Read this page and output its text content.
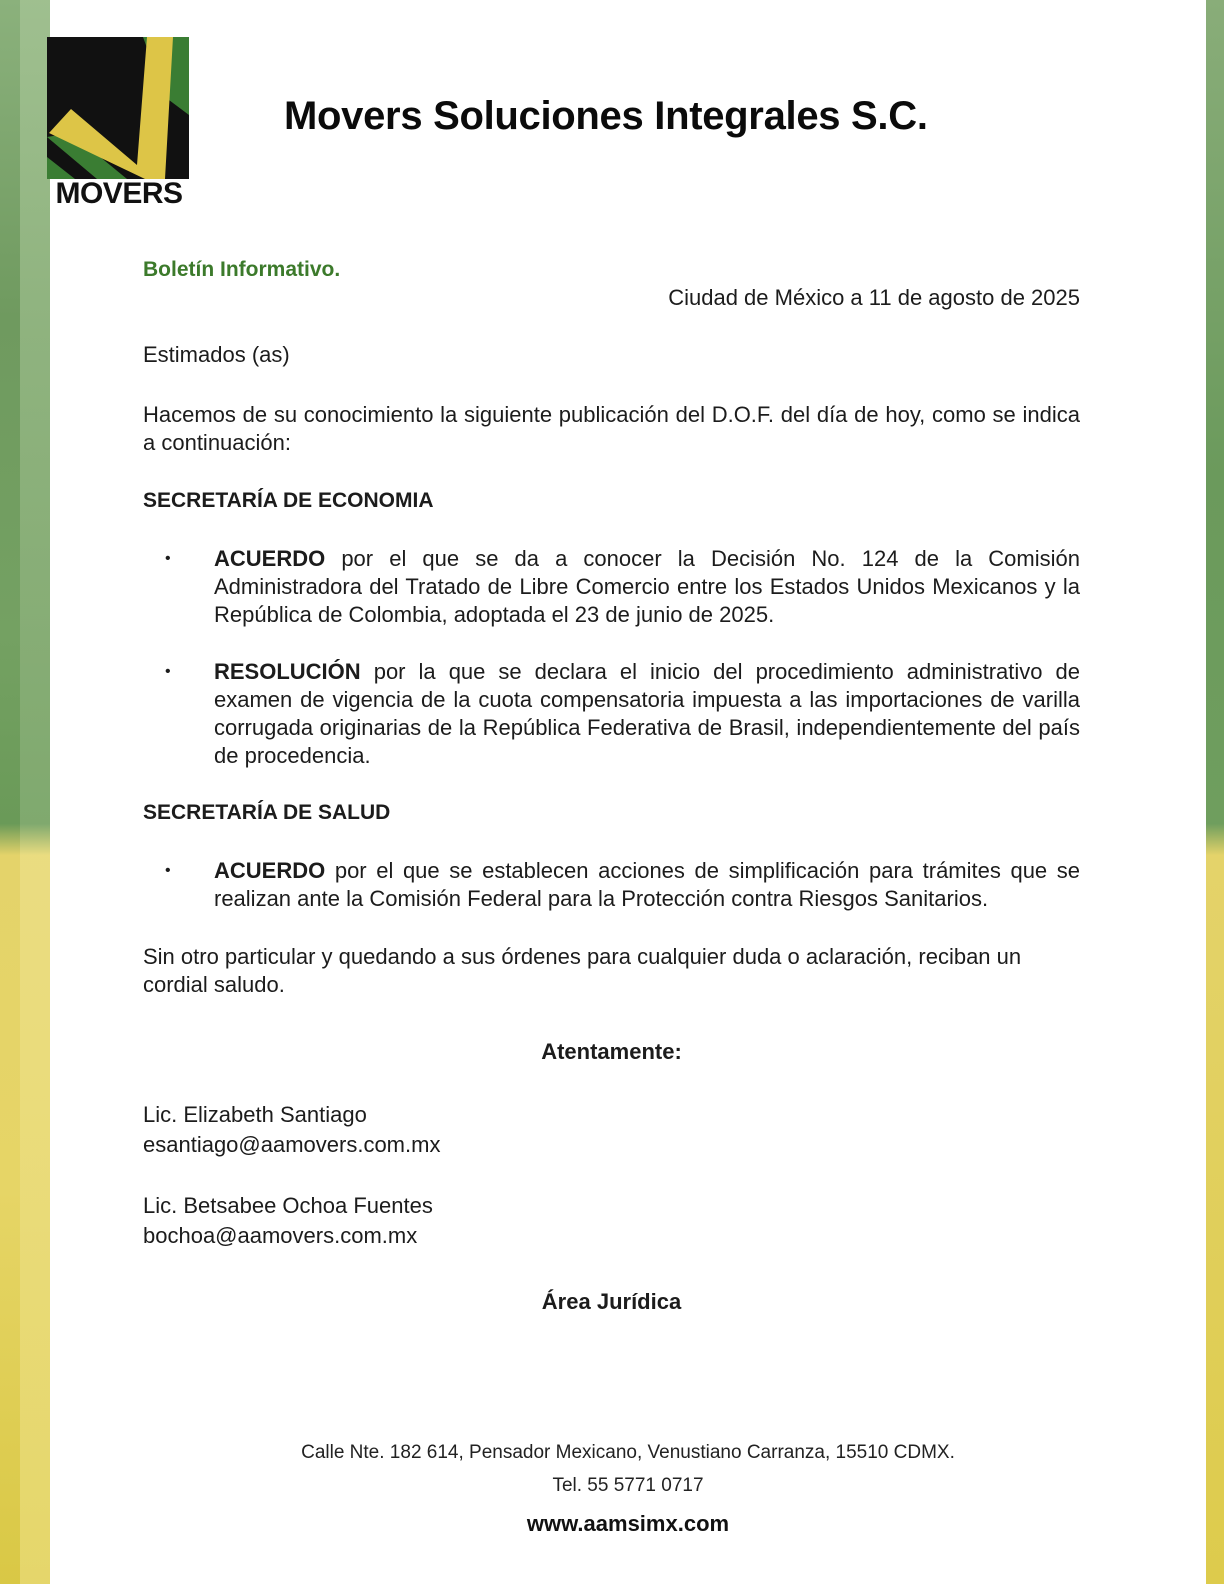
MOVERS
Movers Soluciones Integrales S.C.

Boletín Informativo.

Ciudad de México a 11 de agosto de 2025

Estimados (as)

Hacemos de su conocimiento la siguiente publicación del D.O.F. del día de hoy, como se indica a continuación:

SECRETARÍA DE ECONOMIA

• ACUERDO por el que se da a conocer la Decisión No. 124 de la Comisión Administradora del Tratado de Libre Comercio entre los Estados Unidos Mexicanos y la República de Colombia, adoptada el 23 de junio de 2025.
• RESOLUCIÓN por la que se declara el inicio del procedimiento administrativo de examen de vigencia de la cuota compensatoria impuesta a las importaciones de varilla corrugada originarias de la República Federativa de Brasil, independientemente del país de procedencia.

SECRETARÍA DE SALUD

• ACUERDO por el que se establecen acciones de simplificación para trámites que se realizan ante la Comisión Federal para la Protección contra Riesgos Sanitarios.

Sin otro particular y quedando a sus órdenes para cualquier duda o aclaración, reciban un cordial saludo.

Atentamente:

Lic. Elizabeth Santiago

esantiago@aamovers.com.mx

Lic. Betsabee Ochoa Fuentes

bochoa@aamovers.com.mx

Área Jurídica

Calle Nte. 182 614, Pensador Mexicano, Venustiano Carranza, 15510 CDMX.
Tel. 55 5771 0717
www.aamsimx.com
